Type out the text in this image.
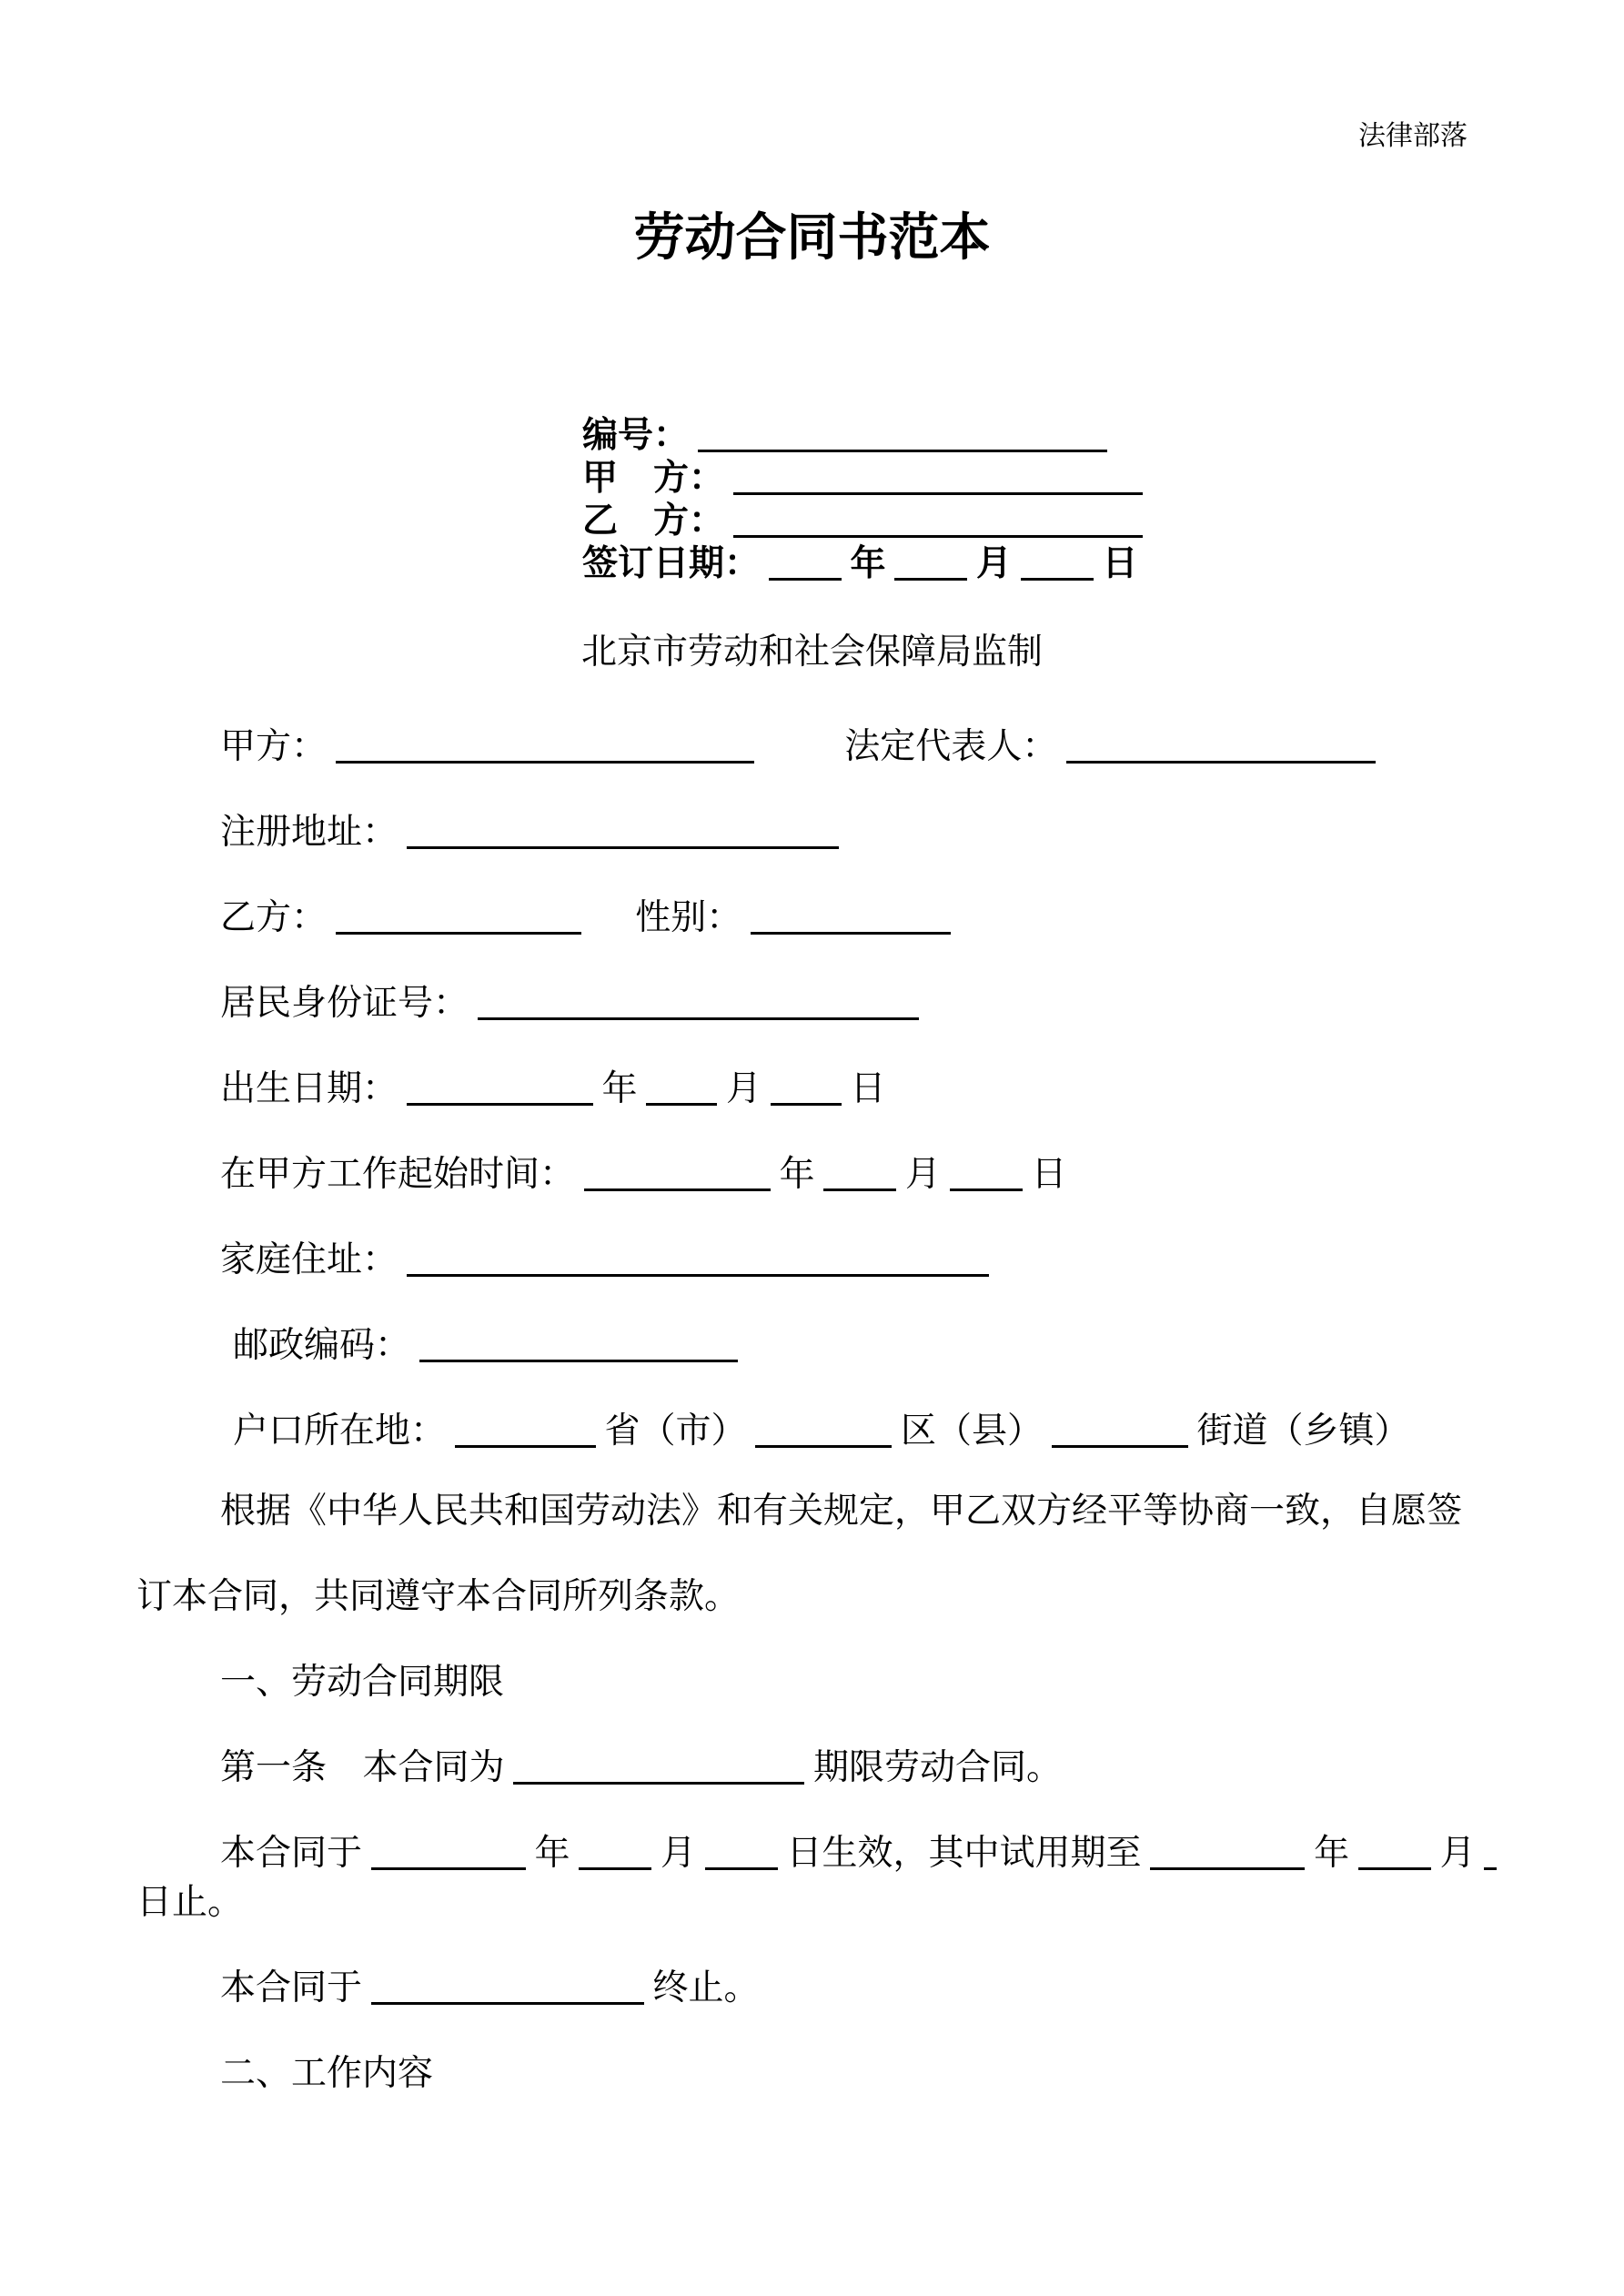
法律部落
劳动合同书范本
编号：
甲　方：
乙　方：
签订日期：	年	月	日
北京市劳动和社会保障局监制
甲方：	法定代表人：
注册地址：
乙方：	性别：
居民身份证号：
出生日期：	年	月	日
在甲方工作起始时间：	年	月	日
家庭住址：
邮政编码：
户口所在地：	省（市）	区（县）	街道（乡镇）
根据《中华人民共和国劳动法》和有关规定，甲乙双方经平等协商一致，自愿签订本合同，共同遵守本合同所列条款。
一、劳动合同期限
第一条 本合同为	期限劳动合同。
本合同于	年	月	日生效，其中试用期至	年	月
日止。
本合同于	终止。
二、工作内容
